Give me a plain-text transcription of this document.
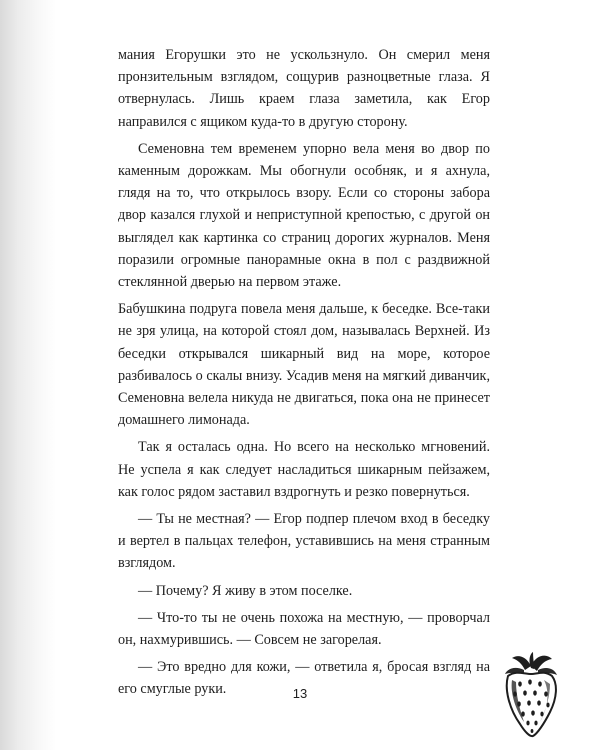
мания Егорушки это не ускользнуло. Он смерил меня пронзительным взглядом, сощурив разноцветные глаза. Я отвернулась. Лишь краем глаза заметила, как Егор направился с ящиком куда-то в другую сторону.

Семеновна тем временем упорно вела меня во двор по каменным дорожкам. Мы обогнули особняк, и я ахнула, глядя на то, что открылось взору. Если со стороны забора двор казался глухой и неприступной крепостью, с другой он выглядел как картинка со страниц дорогих журналов. Меня поразили огромные панорамные окна в пол с раздвижной стеклянной дверью на первом этаже.

Бабушкина подруга повела меня дальше, к беседке. Все-таки не зря улица, на которой стоял дом, называлась Верхней. Из беседки открывался шикарный вид на море, которое разбивалось о скалы внизу. Усадив меня на мягкий диванчик, Семеновна велела никуда не двигаться, пока она не принесет домашнего лимонада.

Так я осталась одна. Но всего на несколько мгновений. Не успела я как следует насладиться шикарным пейзажем, как голос рядом заставил вздрогнуть и резко повернуться.

— Ты не местная? — Егор подпер плечом вход в беседку и вертел в пальцах телефон, уставившись на меня странным взглядом.

— Почему? Я живу в этом поселке.

— Что-то ты не очень похожа на местную, — проворчал он, нахмурившись. — Совсем не загорелая.

— Это вредно для кожи, — ответила я, бросая взгляд на его смуглые руки.	13
